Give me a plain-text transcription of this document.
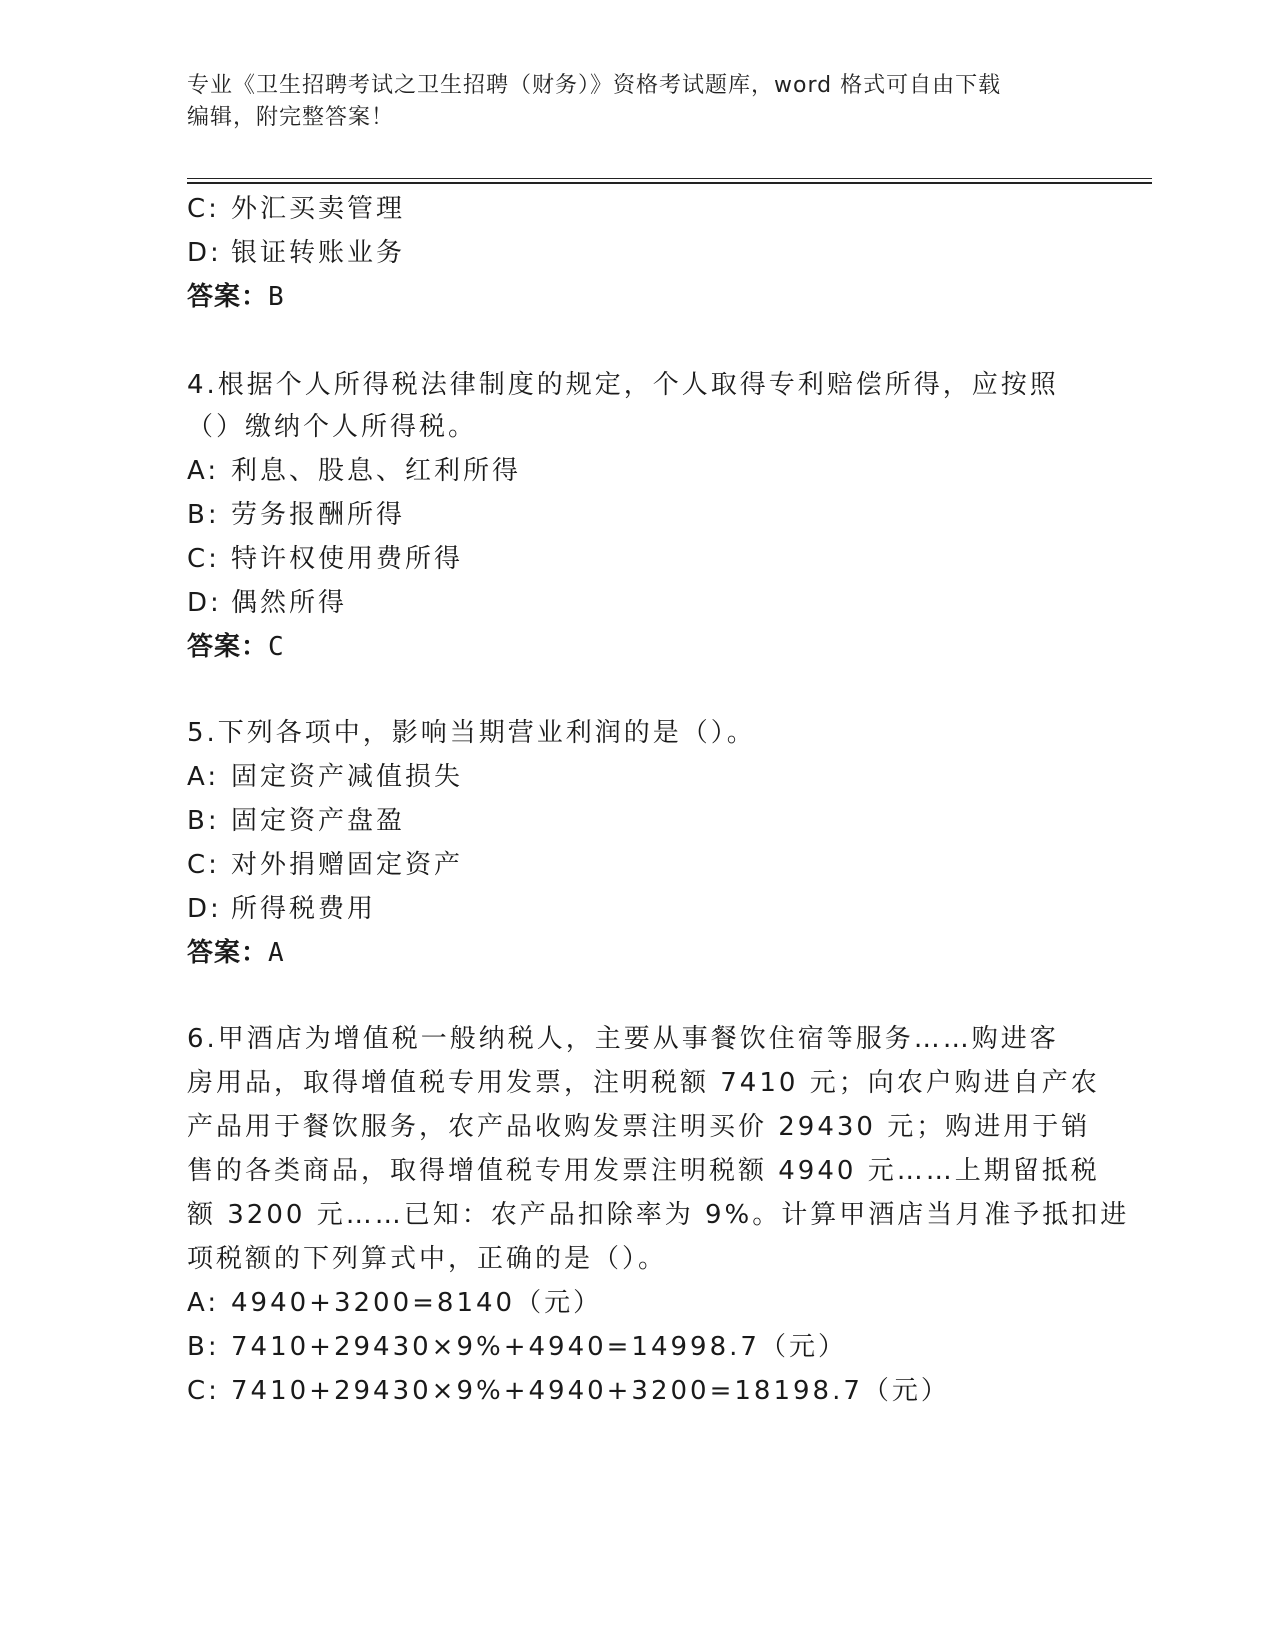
专业《卫生招聘考试之卫生招聘（财务）》资格考试题库，word 格式可自由下载
编辑，附完整答案！
C: 外汇买卖管理
D: 银证转账业务
答案：B
4.根据个人所得税法律制度的规定，个人取得专利赔偿所得，应按照
（）缴纳个人所得税。
A: 利息、股息、红利所得
B: 劳务报酬所得
C: 特许权使用费所得
D: 偶然所得
答案：C
5.下列各项中，影响当期营业利润的是（）。
A: 固定资产减值损失
B: 固定资产盘盈
C: 对外捐赠固定资产
D: 所得税费用
答案：A
6.甲酒店为增值税一般纳税人，主要从事餐饮住宿等服务……购进客
房用品，取得增值税专用发票，注明税额 7410 元；向农户购进自产农
产品用于餐饮服务，农产品收购发票注明买价 29430 元；购进用于销
售的各类商品，取得增值税专用发票注明税额 4940 元……上期留抵税
额 3200 元……已知：农产品扣除率为 9%。计算甲酒店当月准予抵扣进
项税额的下列算式中，正确的是（）。
A: 4940+3200=8140（元）
B: 7410+29430×9%+4940=14998.7（元）
C: 7410+29430×9%+4940+3200=18198.7（元）
